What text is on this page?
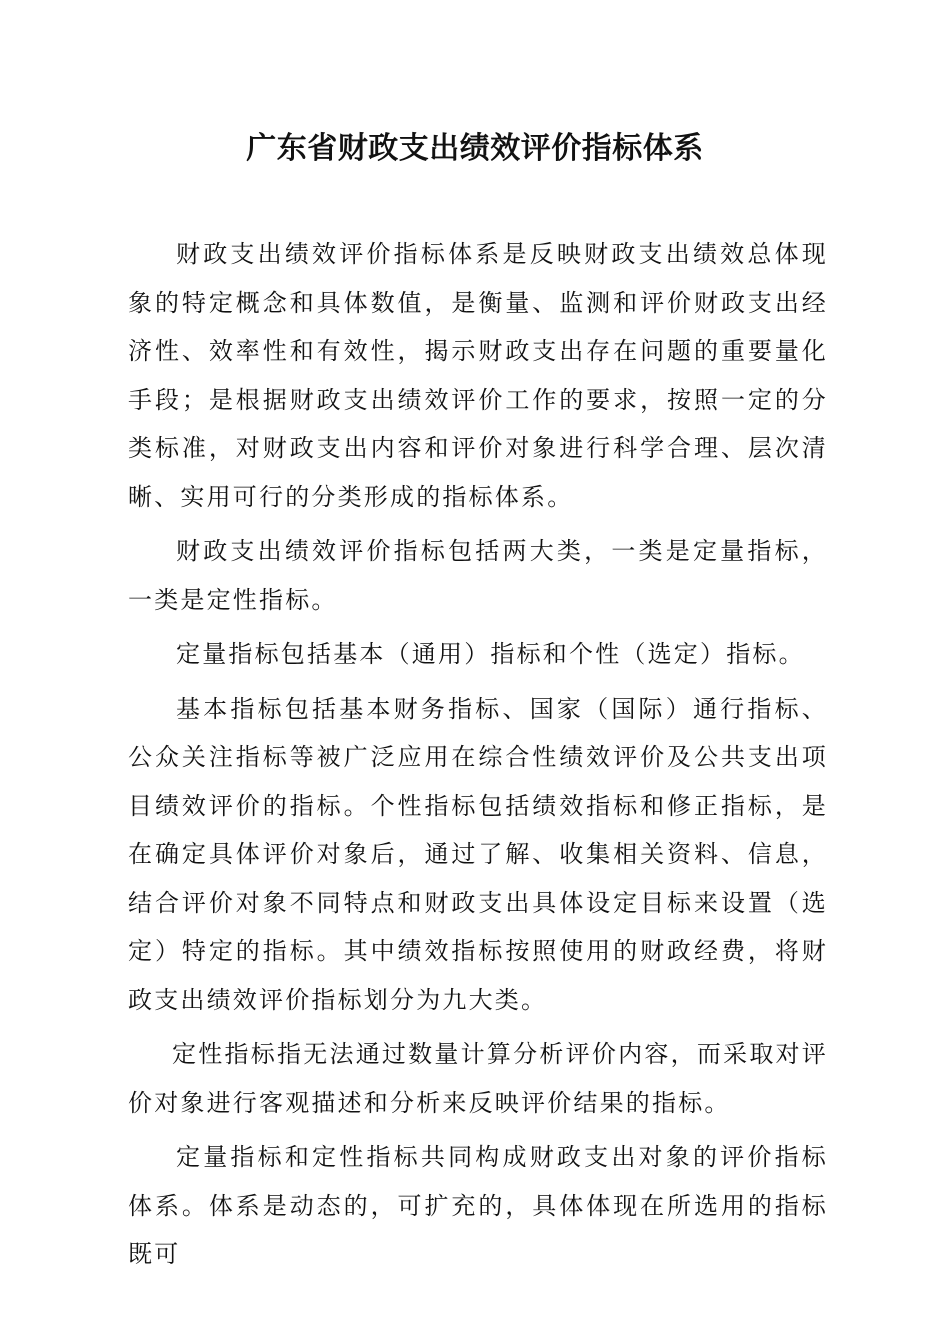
广东省财政支出绩效评价指标体系

财政支出绩效评价指标体系是反映财政支出绩效总体现象的特定概念和具体数值，是衡量、监测和评价财政支出经济性、效率性和有效性，揭示财政支出存在问题的重要量化手段；是根据财政支出绩效评价工作的要求，按照一定的分类标准，对财政支出内容和评价对象进行科学合理、层次清晰、实用可行的分类形成的指标体系。

财政支出绩效评价指标包括两大类，一类是定量指标，一类是定性指标。

定量指标包括基本（通用）指标和个性（选定）指标。

基本指标包括基本财务指标、国家（国际）通行指标、公众关注指标等被广泛应用在综合性绩效评价及公共支出项目绩效评价的指标。个性指标包括绩效指标和修正指标，是在确定具体评价对象后，通过了解、收集相关资料、信息，结合评价对象不同特点和财政支出具体设定目标来设置（选定）特定的指标。其中绩效指标按照使用的财政经费，将财政支出绩效评价指标划分为九大类。

定性指标指无法通过数量计算分析评价内容，而采取对评价对象进行客观描述和分析来反映评价结果的指标。

定量指标和定性指标共同构成财政支出对象的评价指标体系。体系是动态的，可扩充的，具体体现在所选用的指标既可
